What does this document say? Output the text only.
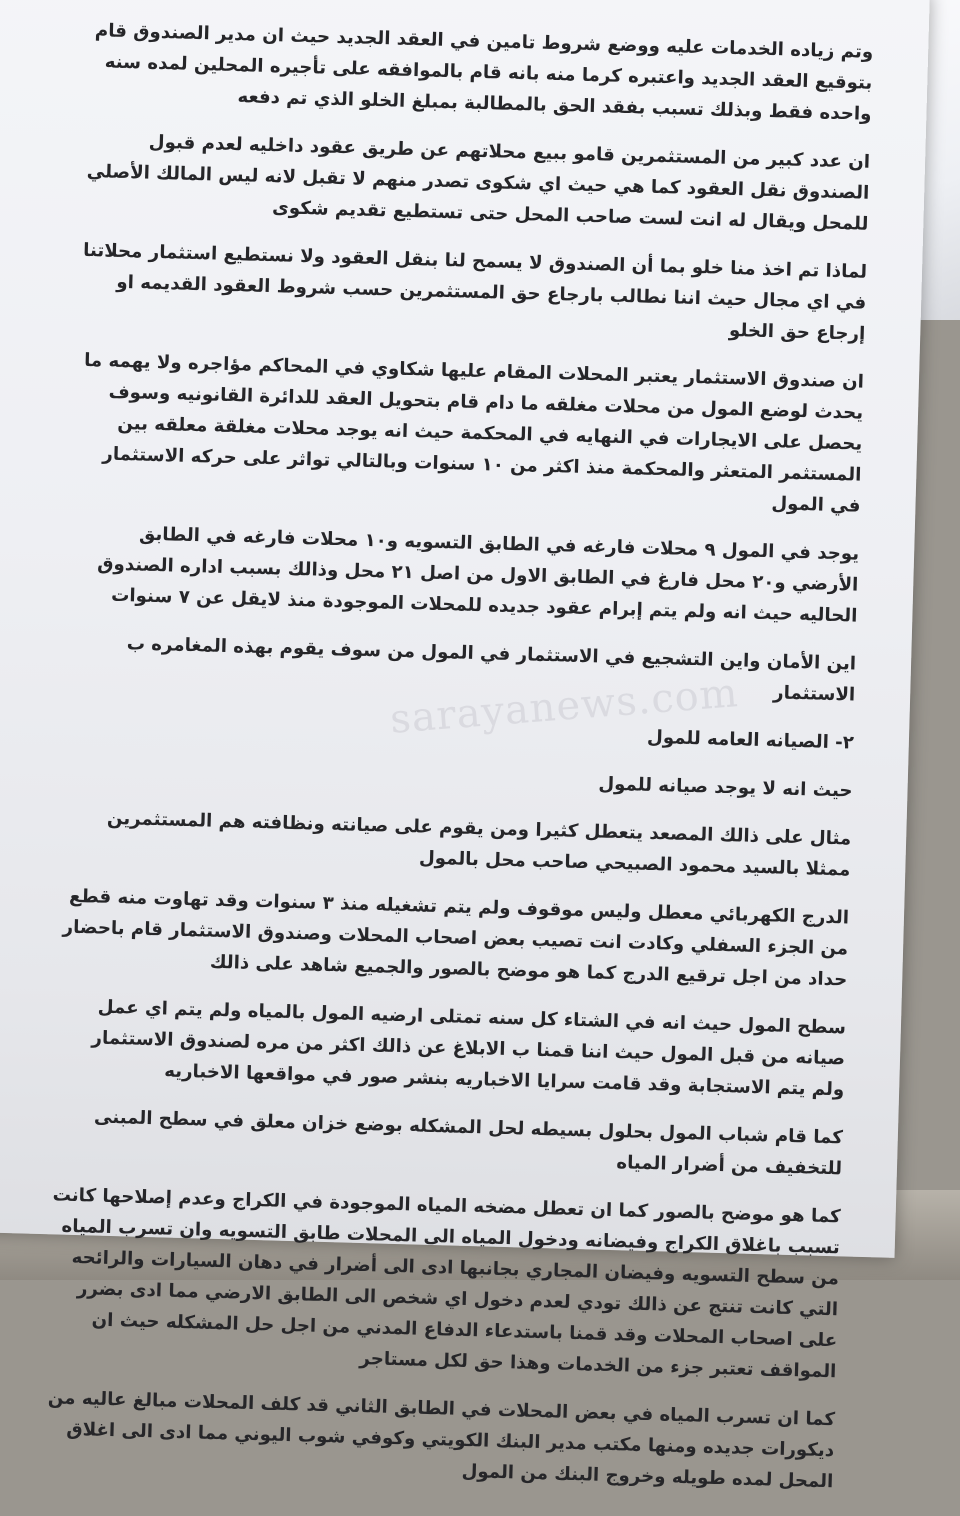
وتم زياده الخدمات عليه ووضع شروط تامين في العقد الجديد حيث ان مدير الصندوق قام بتوقيع العقد الجديد واعتبره كرما منه بانه قام بالموافقه على تأجيره المحلين لمده سنه واحده فقط وبذلك تسبب بفقد الحق بالمطالبة بمبلغ الخلو الذي تم دفعه

ان عدد كبير من المستثمرين قامو ببيع محلاتهم عن طريق عقود داخليه لعدم قبول الصندوق نقل العقود كما هي حيث اي شكوى تصدر منهم لا تقبل لانه ليس المالك الأصلي للمحل ويقال له انت لست صاحب المحل حتى تستطيع تقديم شكوى

لماذا تم اخذ منا خلو بما أن الصندوق لا يسمح لنا بنقل العقود ولا نستطيع استثمار محلاتنا في اي مجال حيث اننا نطالب بارجاع حق المستثمرين حسب شروط العقود القديمه او إرجاع حق الخلو

ان صندوق الاستثمار يعتبر المحلات المقام عليها شكاوي في المحاكم مؤاجره ولا يهمه ما يحدث لوضع المول من محلات مغلقه ما دام قام بتحويل العقد للدائرة القانونيه وسوف يحصل على الايجارات في النهايه في المحكمة حيث انه يوجد محلات مغلقة معلقه بين المستثمر المتعثر والمحكمة منذ اكثر من ١٠ سنوات وبالتالي تواثر على حركه الاستثمار في المول

يوجد في المول ٩ محلات فارغه في الطابق التسويه و١٠ محلات فارغه في الطابق الأرضي و٢٠ محل فارغ في الطابق الاول من اصل ٢١ محل وذالك بسبب اداره الصندوق الحاليه حيث انه ولم يتم إبرام عقود جديده للمحلات الموجودة منذ لايقل عن ٧ سنوات

اين الأمان واين التشجيع في الاستثمار في المول من سوف يقوم بهذه المغامره ب الاستثمار

٢- الصيانه العامه للمول

حيث انه لا يوجد صيانه للمول

مثال على ذالك المصعد يتعطل كثيرا ومن يقوم على صيانته ونظافته هم المستثمرين ممثلا بالسيد محمود الصبيحي صاحب محل بالمول

الدرج الكهربائي معطل وليس موقوف ولم يتم تشغيله منذ ٣ سنوات وقد تهاوت منه قطع من الجزء السفلي وكادت انت تصيب بعض اصحاب المحلات وصندوق الاستثمار قام باحضار حداد من اجل ترقيع الدرج كما هو موضح بالصور والجميع شاهد على ذالك

سطح المول حيث انه في الشتاء كل سنه تمتلى ارضيه المول بالمياه ولم يتم اي عمل صيانه من قبل المول حيث اننا قمنا ب الابلاغ عن ذالك اكثر من مره لصندوق الاستثمار ولم يتم الاستجابة وقد قامت سرايا الاخباريه بنشر صور في مواقعها الاخباريه

كما قام شباب المول بحلول بسيطه لحل المشكله بوضع خزان معلق في سطح المبنى للتخفيف من أضرار المياه

كما هو موضح بالصور كما ان تعطل مضخه المياه الموجودة في الكراج وعدم إصلاحها كانت تسبب باغلاق الكراج وفيضانه ودخول المياه الى المحلات طابق التسويه وان تسرب المياه من سطح التسويه وفيضان المجاري بجانبها ادى الى أضرار في دهان السيارات والرائحه التي كانت تنتج عن ذالك تودي لعدم دخول اي شخص الى الطابق الارضي مما ادى بضرر على اصحاب المحلات وقد قمنا باستدعاء الدفاع المدني من اجل حل المشكله حيث ان المواقف تعتبر جزء من الخدمات وهذا حق لكل مستاجر

كما ان تسرب المياه في بعض المحلات في الطابق الثاني قد كلف المحلات مبالغ عاليه من ديكورات جديده ومنها مكتب مدير البنك الكويتي وكوفي شوب اليوني مما ادى الى اغلاق المحل لمده طويله وخروج البنك من المول

sarayanews.com
